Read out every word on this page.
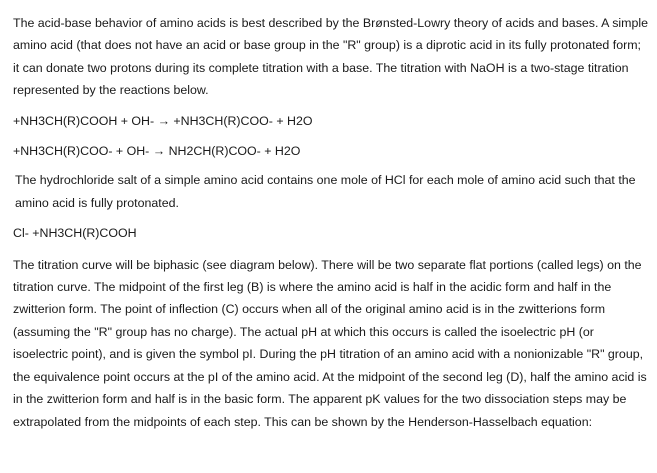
The acid-base behavior of amino acids is best described by the Brønsted-Lowry theory of acids and bases. A simple amino acid (that does not have an acid or base group in the "R" group) is a diprotic acid in its fully protonated form; it can donate two protons during its complete titration with a base. The titration with NaOH is a two-stage titration represented by the reactions below.

+NH3CH(R)COOH + OH- → +NH3CH(R)COO- + H2O

+NH3CH(R)COO- + OH- → NH2CH(R)COO- + H2O

The hydrochloride salt of a simple amino acid contains one mole of HCl for each mole of amino acid such that the amino acid is fully protonated.

Cl- +NH3CH(R)COOH

The titration curve will be biphasic (see diagram below). There will be two separate flat portions (called legs) on the titration curve. The midpoint of the first leg (B) is where the amino acid is half in the acidic form and half in the zwitterion form. The point of inflection (C) occurs when all of the original amino acid is in the zwitterions form (assuming the "R" group has no charge). The actual pH at which this occurs is called the isoelectric pH (or isoelectric point), and is given the symbol pI. During the pH titration of an amino acid with a nonionizable "R" group, the equivalence point occurs at the pI of the amino acid. At the midpoint of the second leg (D), half the amino acid is in the zwitterion form and half is in the basic form. The apparent pK values for the two dissociation steps may be extrapolated from the midpoints of each step. This can be shown by the Henderson-Hasselbach equation:
